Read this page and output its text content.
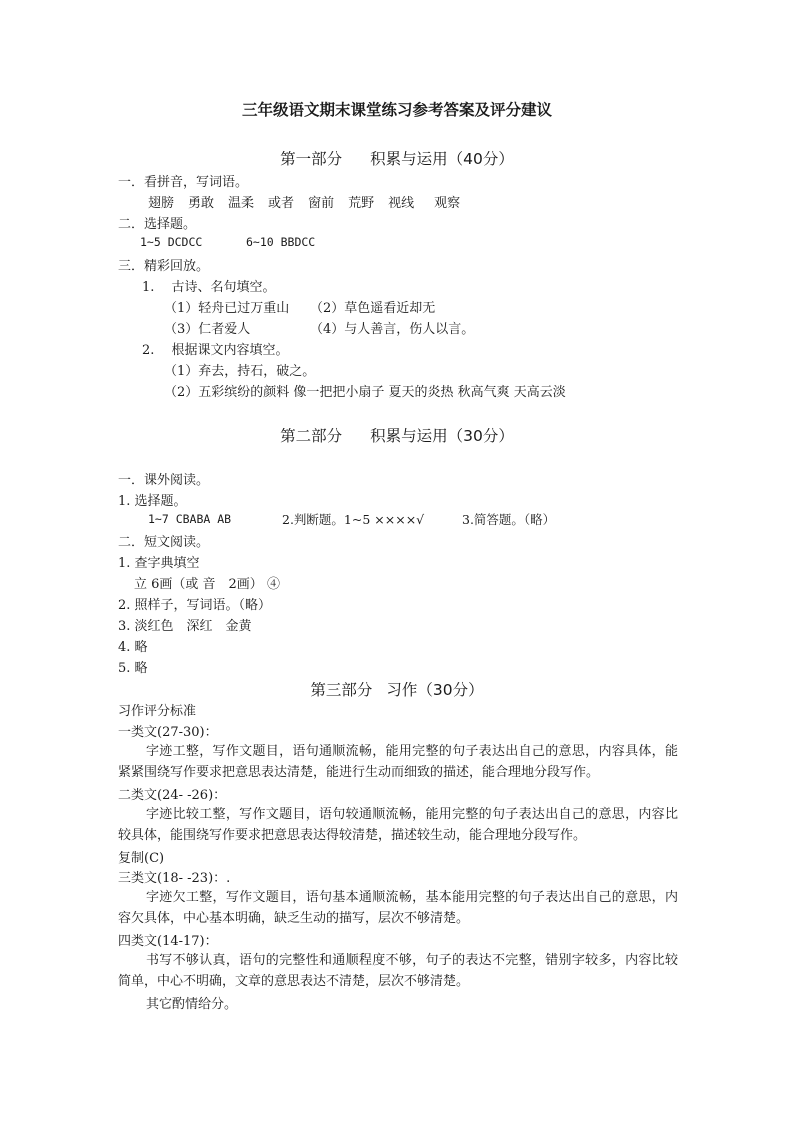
三年级语文期末课堂练习参考答案及评分建议
第一部分 积累与运用（40分）
一．看拼音，写词语。
翅膀 勇敢 温柔 或者 窗前 荒野 视线 观察
二．选择题。
1~5 DCDCC	6~10 BBDCC
三．精彩回放。
1.　 古诗、名句填空。
（1）轻舟已过万重山 （2）草色遥看近却无
（3）仁者爱人	（4）与人善言，伤人以言。
2.　 根据课文内容填空。
（1）弃去，持石，破之。
（2）五彩缤纷的颜料 像一把把小扇子 夏天的炎热 秋高气爽 天高云淡
第二部分 积累与运用（30分）
一．课外阅读。
1. 选择题。
1~7 CBABA AB	2.判断题。1~5 ××××√	3.简答题。（略）
二．短文阅读。
1. 查字典填空
立 6画（或 音　2画） ④
2. 照样子，写词语。（略）
3. 淡红色　深红　金黄
4. 略
5. 略
第三部分 习作（30分）
习作评分标准
一类文(27-30)：
字迹工整，写作文题目，语句通顺流畅，能用完整的句子表达出自己的意思，内容具体，能紧紧围绕写作要求把意思表达清楚，能进行生动而细致的描述，能合理地分段写作。
二类文(24- -26)：
字迹比较工整，写作文题目，语句较通顺流畅，能用完整的句子表达出自己的意思，内容比较具体，能围绕写作要求把意思表达得较清楚，描述较生动，能合理地分段写作。
复制(C)
三类文(18- -23)：.
字迹欠工整，写作文题目，语句基本通顺流畅，基本能用完整的句子表达出自己的意思，内容欠具体，中心基本明确，缺乏生动的描写，层次不够清楚。
四类文(14-17)：
书写不够认真，语句的完整性和通顺程度不够，句子的表达不完整，错别字较多，内容比较简单，中心不明确，文章的意思表达不清楚，层次不够清楚。
其它酌情给分。
